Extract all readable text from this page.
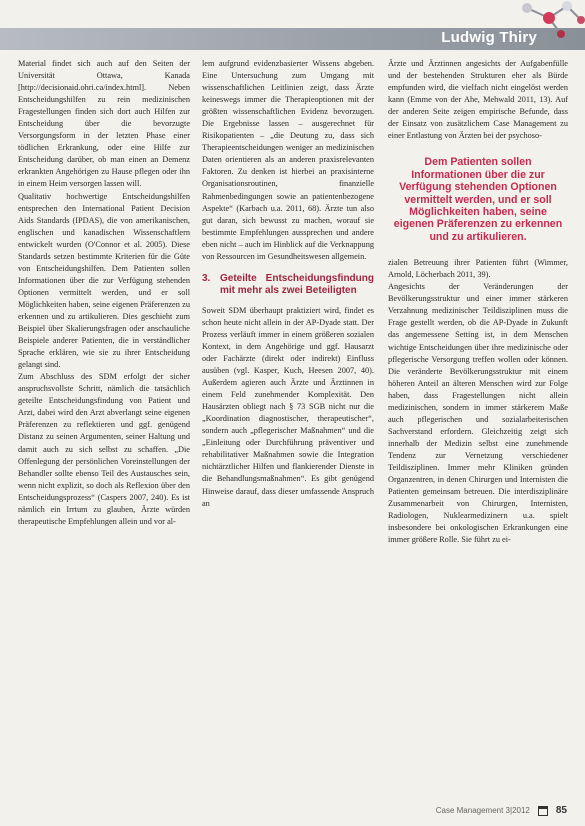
Ludwig Thiry

Material findet sich auch auf den Seiten der Universität Ottawa, Kanada [http://decisionaid.ohri.ca/index.html]. Neben Entscheidungshilfen zu rein medizinischen Fragestellungen finden sich dort auch Hilfen zur Entscheidung über die bevorzugte Versorgungsform in der letzten Phase einer tödlichen Erkrankung, oder eine Hilfe zur Entscheidung darüber, ob man einen an Demenz erkrankten Angehörigen zu Hause pflegen oder ihn in einem Heim versorgen lassen will.

Qualitativ hochwertige Entscheidungshilfen entsprechen den International Patient Decision Aids Standards (IPDAS), die von amerikanischen, englischen und kanadischen Wissenschaftlern entwickelt wurden (O'Connor et al. 2005). Diese Standards setzen bestimmte Kriterien für die Güte von Entscheidungshilfen. Dem Patienten sollen Informationen über die zur Verfügung stehenden Optionen vermittelt werden, und er soll Möglichkeiten haben, seine eigenen Präferenzen zu erkennen und zu artikulieren. Dies geschieht zum Beispiel über Skalierungsfragen oder anschauliche Beispiele anderer Patienten, die in verständlicher Sprache erklären, wie sie zu ihrer Entscheidung gelangt sind.

Zum Abschluss des SDM erfolgt der sicher anspruchsvollste Schritt, nämlich die tatsächlich geteilte Entscheidungsfindung von Patient und Arzt, dabei wird den Arzt abverlangt seine eigenen Präferenzen zu reflektieren und ggf. genügend Distanz zu seinen Argumenten, seiner Haltung und damit auch zu sich selbst zu schaffen. „Die Offenlegung der persönlichen Voreinstellungen der Behandler sollte ebenso Teil des Austausches sein, wenn nicht explizit, so doch als Reflexion über den Entscheidungsprozess“ (Caspers 2007, 240). Es ist nämlich ein Irrtum zu glauben, Ärzte würden therapeutische Empfehlungen allein und vor al-

lem aufgrund evidenzbasierter Wissens abgeben. Eine Untersuchung zum Umgang mit wissenschaftlichen Leitlinien zeigt, dass Ärzte keineswegs immer die Therapieoptionen mit der größten wissenschaftlichen Evidenz bevorzugen. Die Ergebnisse lassen – ausgerechnet für Risikopatienten – „die Deutung zu, dass sich Therapieentscheidungen weniger an medizinischen Daten orientieren als an anderen praxisrelevanten Faktoren. Zu denken ist hierbei an praxisinterne Organisationsroutinen, finanzielle Rahmenbedingungen sowie an patientenbezogene Aspekte“ (Karbach u.a. 2011, 68). Ärzte tun also gut daran, sich bewusst zu machen, worauf sie bestimmte Empfehlungen aussprechen und andere eben nicht – auch im Hinblick auf die Verknappung von Ressourcen im Gesundheitswesen allgemein.

3. Geteilte Entscheidungsfindung mit mehr als zwei Beteiligten

Soweit SDM überhaupt praktiziert wird, findet es schon heute nicht allein in der AP-Dyade statt. Der Prozess verläuft immer in einem größeren sozialen Kontext, in dem Angehörige und ggf. Hausarzt oder Fachärzte (direkt oder indirekt) Einfluss ausüben (vgl. Kasper, Kuch, Heesen 2007, 40). Außerdem agieren auch Ärzte und Ärztinnen in einem Feld zunehmender Komplexität. Den Hausärzten obliegt nach § 73 SGB nicht nur die „Koordination diagnostischer, therapeutischer“, sondern auch „pflegerischer Maßnahmen“ und die „Einleitung oder Durchführung präventiver und rehabilitativer Maßnahmen sowie die Integration nichtärztlicher Hilfen und flankierender Dienste in die Behandlungsmaßnahmen“. Es gibt genügend Hinweise darauf, dass dieser umfassende Anspruch an

Ärzte und Ärztinnen angesichts der Aufgabenfülle und der bestehenden Strukturen eher als Bürde empfunden wird, die vielfach nicht eingelöst werden kann (Emme von der Ahe, Mehwald 2011, 13). Auf der anderen Seite zeigen empirische Befunde, dass der Einsatz von zusätzlichem Case Management zu einer Entlastung von Ärzten bei der psychoso-

Dem Patienten sollen Informationen über die zur Verfügung stehenden Optionen vermittelt werden, und er soll Möglichkeiten haben, seine eigenen Präferenzen zu erkennen und zu artikulieren.

zialen Betreuung ihrer Patienten führt (Wimmer, Arnold, Löcherbach 2011, 39).

Angesichts der Veränderungen der Bevölkerungsstruktur und einer immer stärkeren Verzahnung medizinischer Teildisziplinen muss die Frage gestellt werden, ob die AP-Dyade in Zukunft das angemessene Setting ist, in dem Menschen wichtige Entscheidungen über ihre medizinische oder pflegerische Versorgung treffen wollen oder können. Die veränderte Bevölkerungsstruktur mit einem höheren Anteil an älteren Menschen wird zur Folge haben, dass Fragestellungen nicht allein medizinischen, sondern in immer stärkerem Maße auch pflegerischen und sozialarbeiterischen Sachverstand erfordern. Gleichzeitig zeigt sich innerhalb der Medizin selbst eine zunehmende Tendenz zur Vernetzung verschiedener Teildisziplinen. Immer mehr Kliniken gründen Organzentren, in denen Chirurgen und Internisten die Patienten gemeinsam betreuen. Die interdisziplinäre Zusammenarbeit von Chirurgen, Internisten, Radiologen, Nuklearmedizinern u.a. spielt insbesondere bei onkologischen Erkrankungen eine immer größere Rolle. Sie führt zu ei-

Case Management 3|2012	85
